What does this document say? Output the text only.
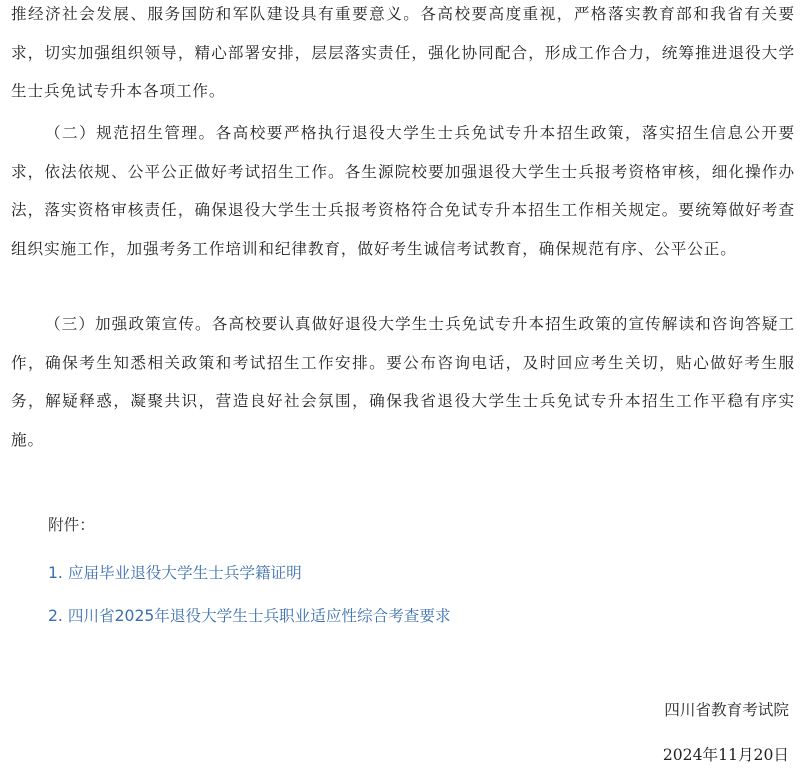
推经济社会发展、服务国防和军队建设具有重要意义。各高校要高度重视，严格落实教育部和我省有关要求，切实加强组织领导，精心部署安排，层层落实责任，强化协同配合，形成工作合力，统筹推进退役大学生士兵免试专升本各项工作。

（二）规范招生管理。各高校要严格执行退役大学生士兵免试专升本招生政策，落实招生信息公开要求，依法依规、公平公正做好考试招生工作。各生源院校要加强退役大学生士兵报考资格审核，细化操作办法，落实资格审核责任，确保退役大学生士兵报考资格符合免试专升本招生工作相关规定。要统筹做好考查组织实施工作，加强考务工作培训和纪律教育，做好考生诚信考试教育，确保规范有序、公平公正。

（三）加强政策宣传。各高校要认真做好退役大学生士兵免试专升本招生政策的宣传解读和咨询答疑工作，确保考生知悉相关政策和考试招生工作安排。要公布咨询电话，及时回应考生关切，贴心做好考生服务，解疑释惑，凝聚共识，营造良好社会氛围，确保我省退役大学生士兵免试专升本招生工作平稳有序实施。

附件：

1. 应届毕业退役大学生士兵学籍证明
2. 四川省2025年退役大学生士兵职业适应性综合考查要求

四川省教育考试院

2024年11月20日
